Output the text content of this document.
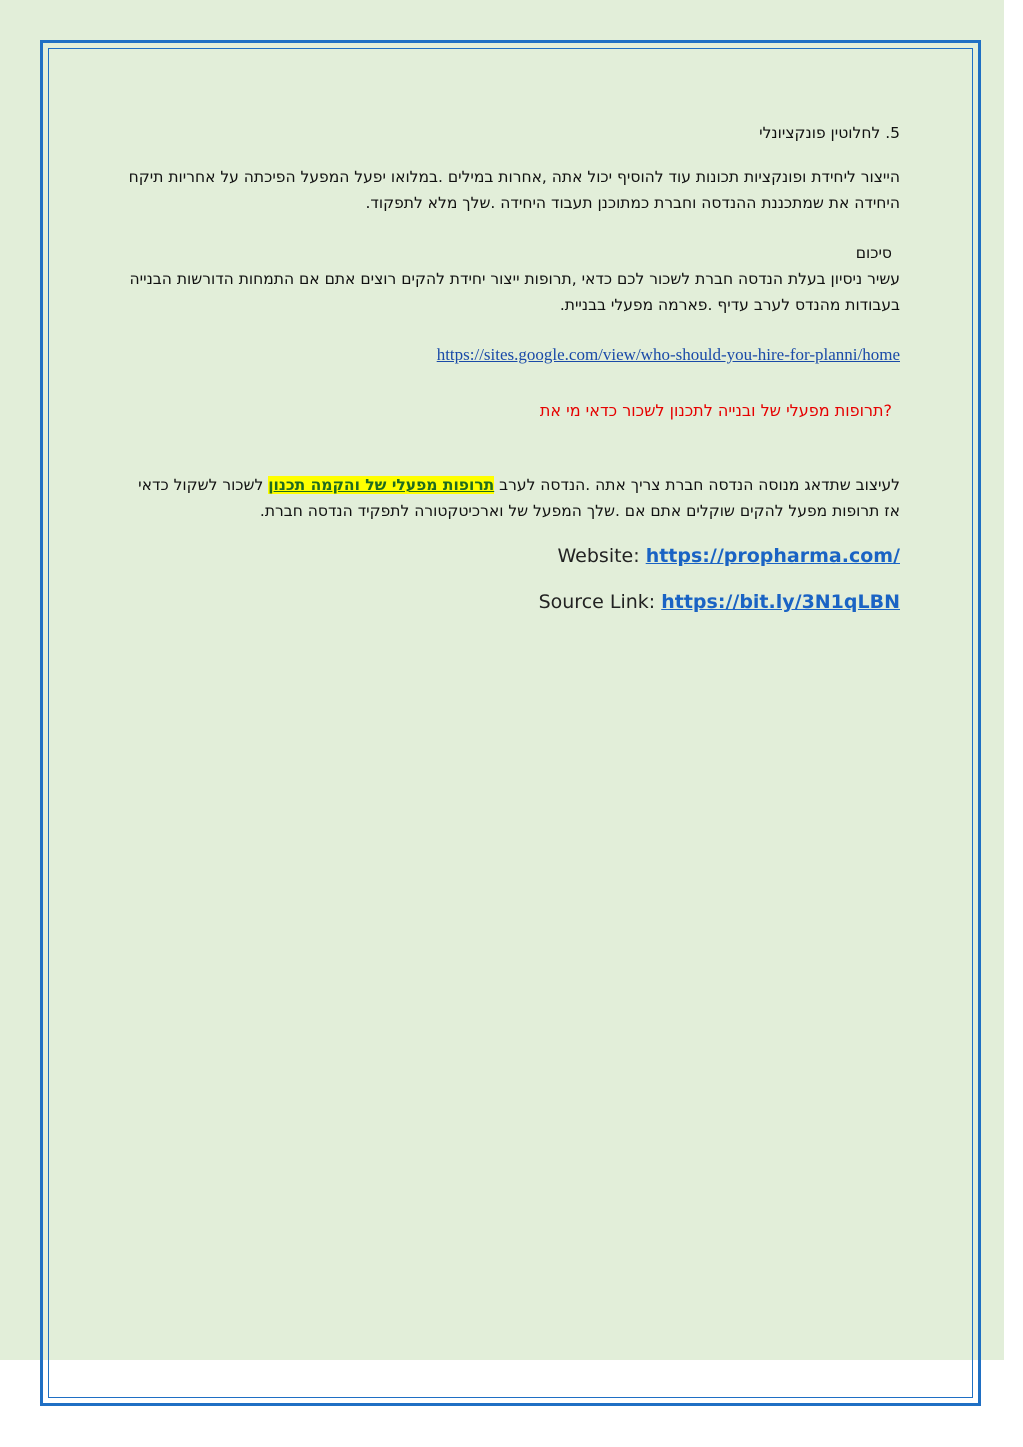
5. לחלוטין פונקציונלי

הייצור ליחידת ופונקציות תכונות עוד להוסיף יכול אתה ,אחרות במילים .במלואו יפעל המפעל הפיכתה על אחריות תיקח היחידה את שמתכננת ההנדסה וחברת כמתוכנן תעבוד היחידה .שלך מלא לתפקוד.

סיכום

עשיר ניסיון בעלת הנדסה חברת לשכור לכם כדאי ,תרופות ייצור יחידת להקים רוצים אתם אם התמחות הדורשות הבנייה בעבודות מהנדס לערב עדיף .פארמה מפעלי בבניית.

https://sites.google.com/view/who-should-you-hire-for-planni/home

?תרופות מפעלי של ובנייה לתכנון לשכור כדאי מי את

לעיצוב שתדאג מנוסה הנדסה חברת צריך אתה .הנדסה לערב תרופות מפעלי של והקמה תכנון לשכור לשקול כדאי אז תרופות מפעל להקים שוקלים אתם אם .שלך המפעל של וארכיטקטורה לתפקיד הנדסה חברת.

Website: https://propharma.com/

Source Link: https://bit.ly/3N1qLBN
